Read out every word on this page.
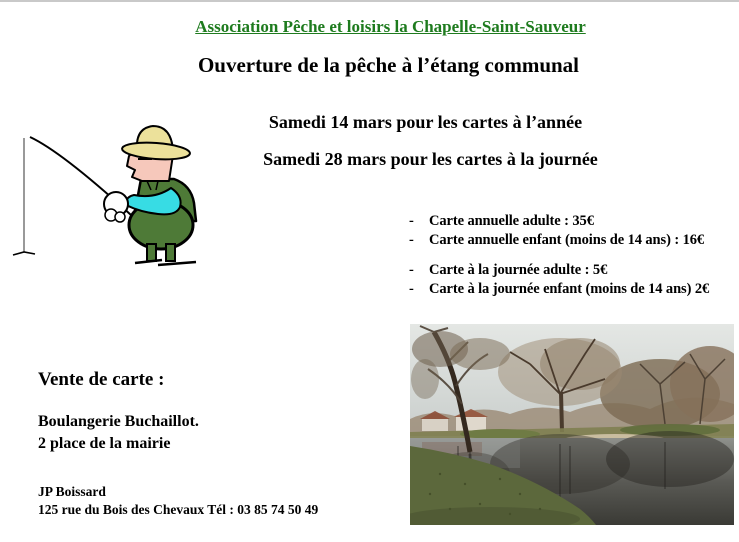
Association Pêche et loisirs la Chapelle-Saint-Sauveur
Ouverture de la pêche à l’étang communal
Samedi 14 mars pour les cartes à l’année
Samedi 28 mars pour les cartes à la journée
-	Carte annuelle adulte : 35€
-	Carte annuelle enfant (moins de 14 ans) : 16€
-	Carte à la journée adulte : 5€
-	Carte à la journée enfant (moins de 14 ans) 2€
Vente de carte :
Boulangerie Buchaillot.
2 place de la mairie
JP Boissard
125 rue du Bois des Chevaux Tél : 03 85 74 50 49
